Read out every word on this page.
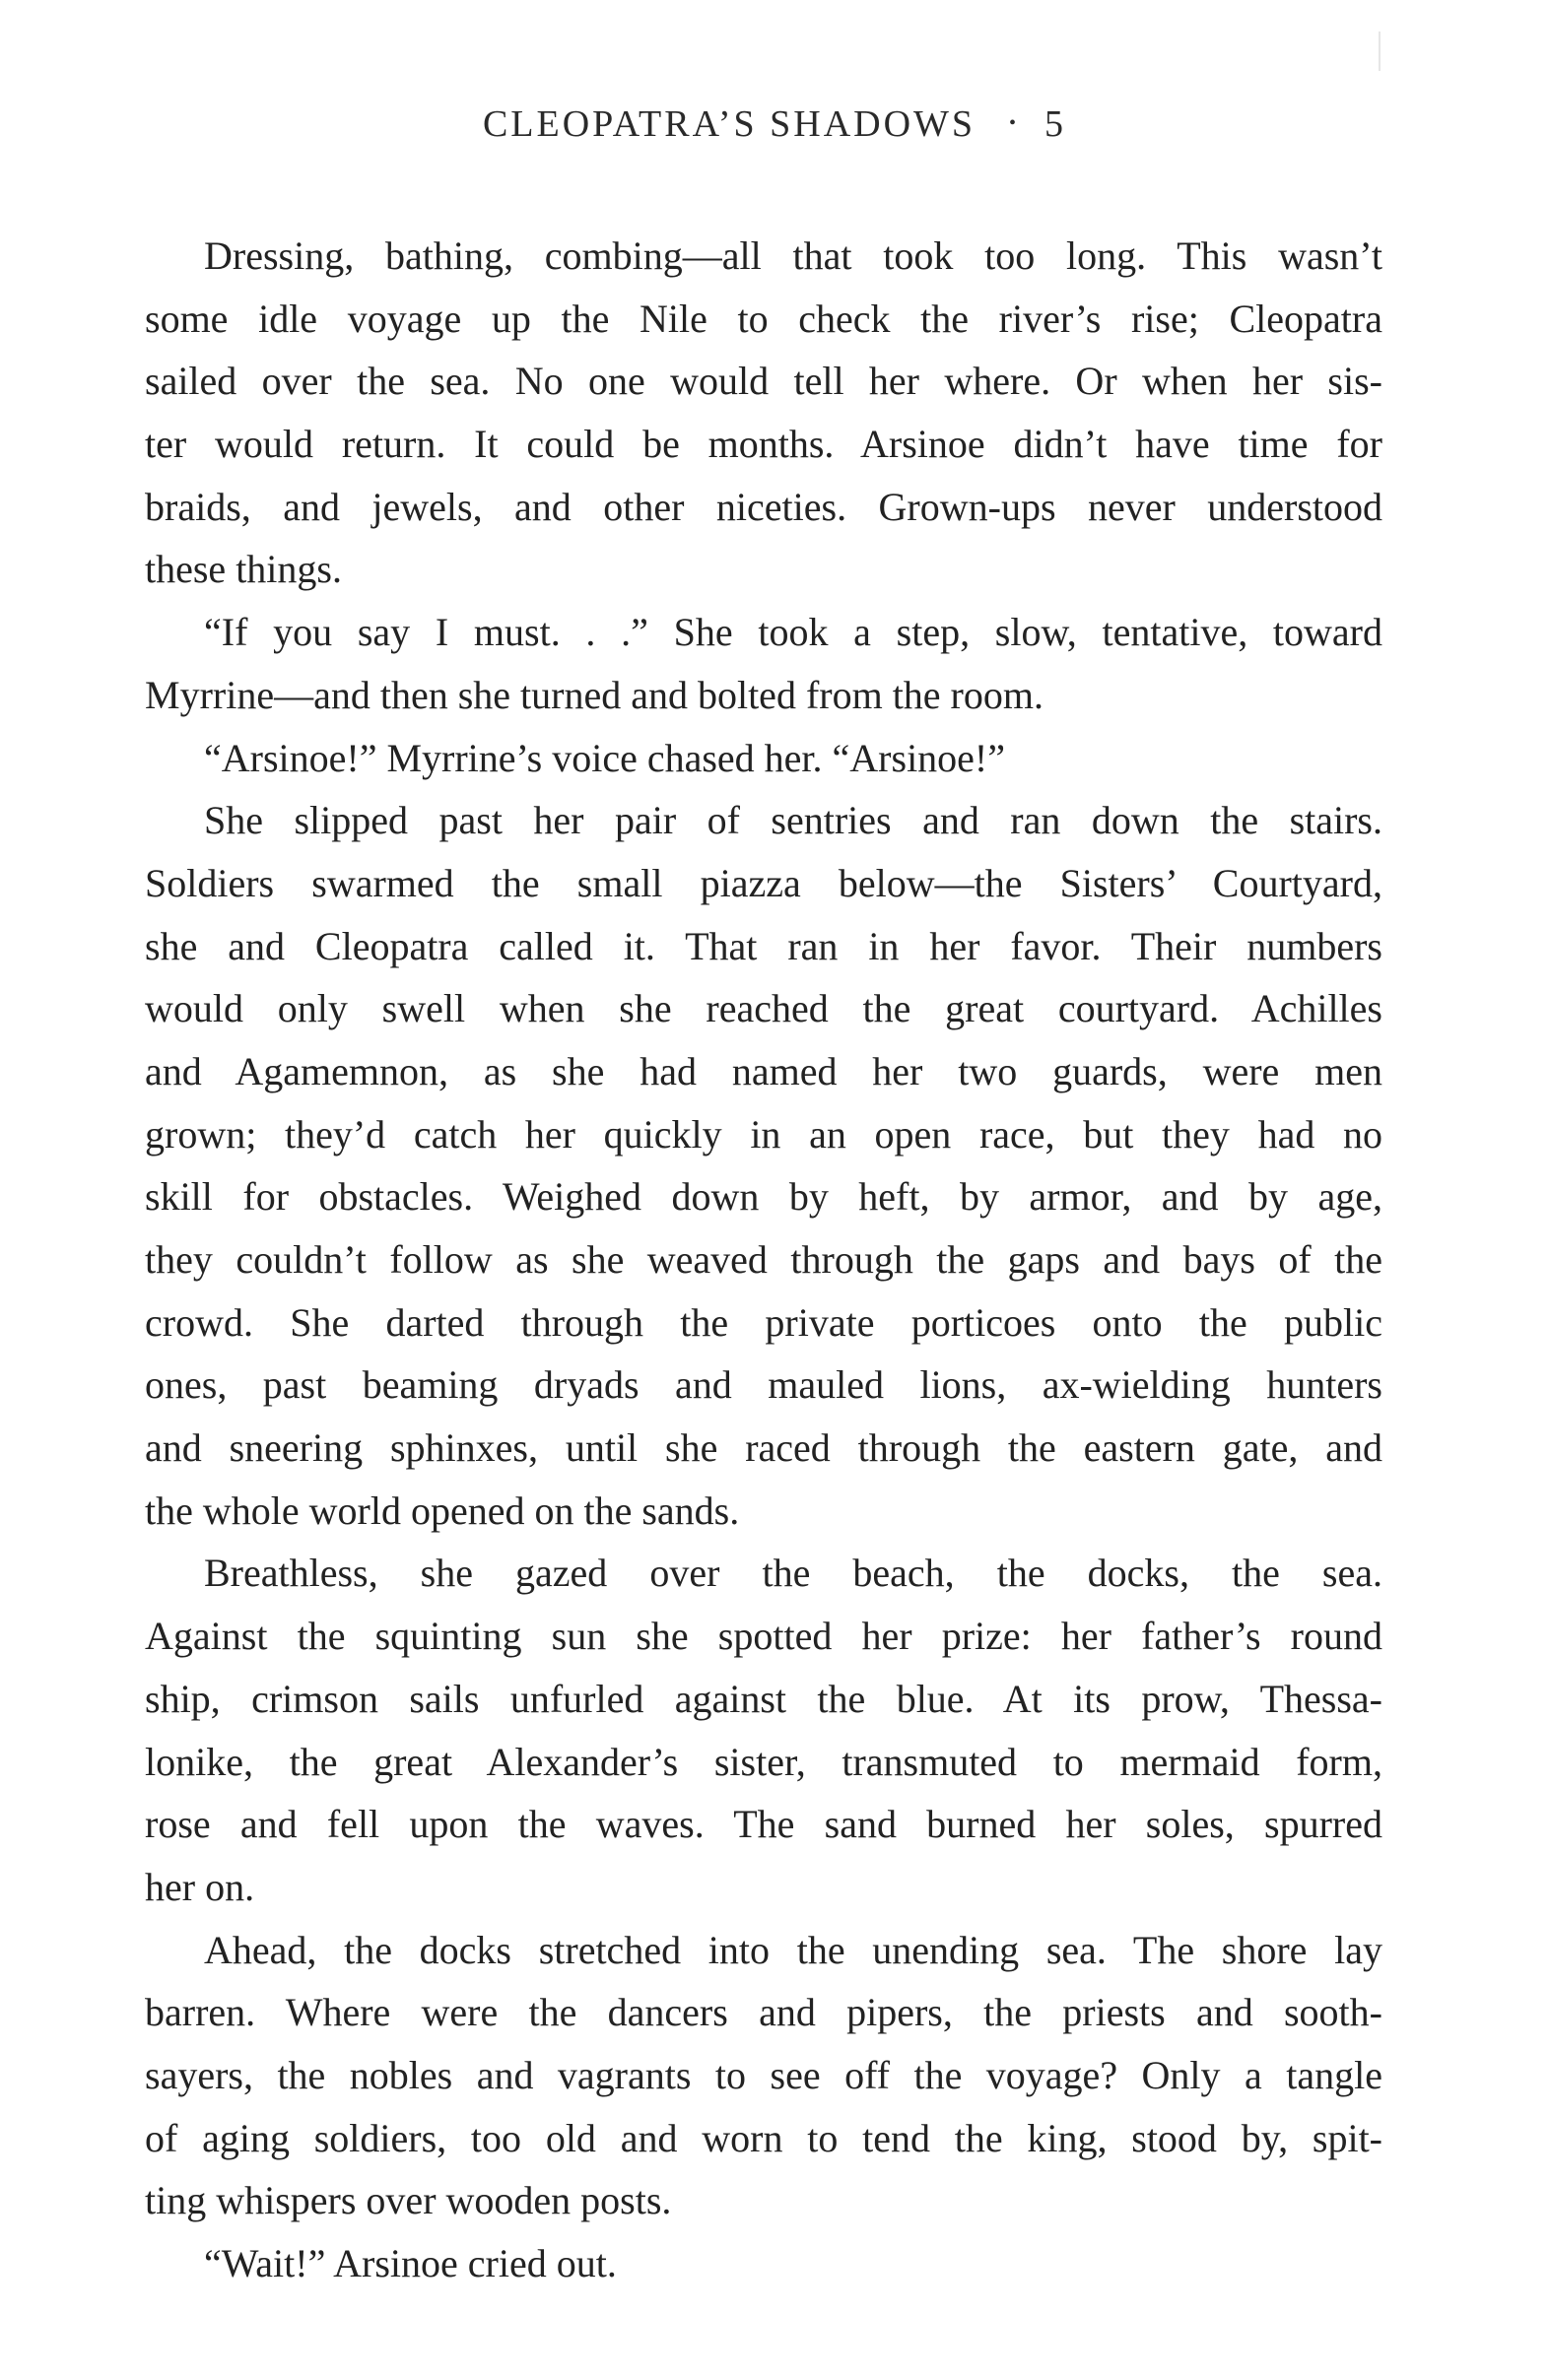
CLEOPATRA’S SHADOWS • 5
Dressing, bathing, combing—all that took too long. This wasn’t
some idle voyage up the Nile to check the river’s rise; Cleopatra
sailed over the sea. No one would tell her where. Or when her sis-
ter would return. It could be months. Arsinoe didn’t have time for
braids, and jewels, and other niceties. Grown-ups never understood
these things.
“If you say I must. . .” She took a step, slow, tentative, toward
Myrrine—and then she turned and bolted from the room.
“Arsinoe!” Myrrine’s voice chased her. “Arsinoe!”
She slipped past her pair of sentries and ran down the stairs.
Soldiers swarmed the small piazza below—the Sisters’ Courtyard,
she and Cleopatra called it. That ran in her favor. Their numbers
would only swell when she reached the great courtyard. Achilles
and Agamemnon, as she had named her two guards, were men
grown; they’d catch her quickly in an open race, but they had no
skill for obstacles. Weighed down by heft, by armor, and by age,
they couldn’t follow as she weaved through the gaps and bays of the
crowd. She darted through the private porticoes onto the public
ones, past beaming dryads and mauled lions, ax-wielding hunters
and sneering sphinxes, until she raced through the eastern gate, and
the whole world opened on the sands.
Breathless, she gazed over the beach, the docks, the sea.
Against the squinting sun she spotted her prize: her father’s round
ship, crimson sails unfurled against the blue. At its prow, Thessa-
lonike, the great Alexander’s sister, transmuted to mermaid form,
rose and fell upon the waves. The sand burned her soles, spurred
her on.
Ahead, the docks stretched into the unending sea. The shore lay
barren. Where were the dancers and pipers, the priests and sooth-
sayers, the nobles and vagrants to see off the voyage? Only a tangle
of aging soldiers, too old and worn to tend the king, stood by, spit-
ting whispers over wooden posts.
“Wait!” Arsinoe cried out.
